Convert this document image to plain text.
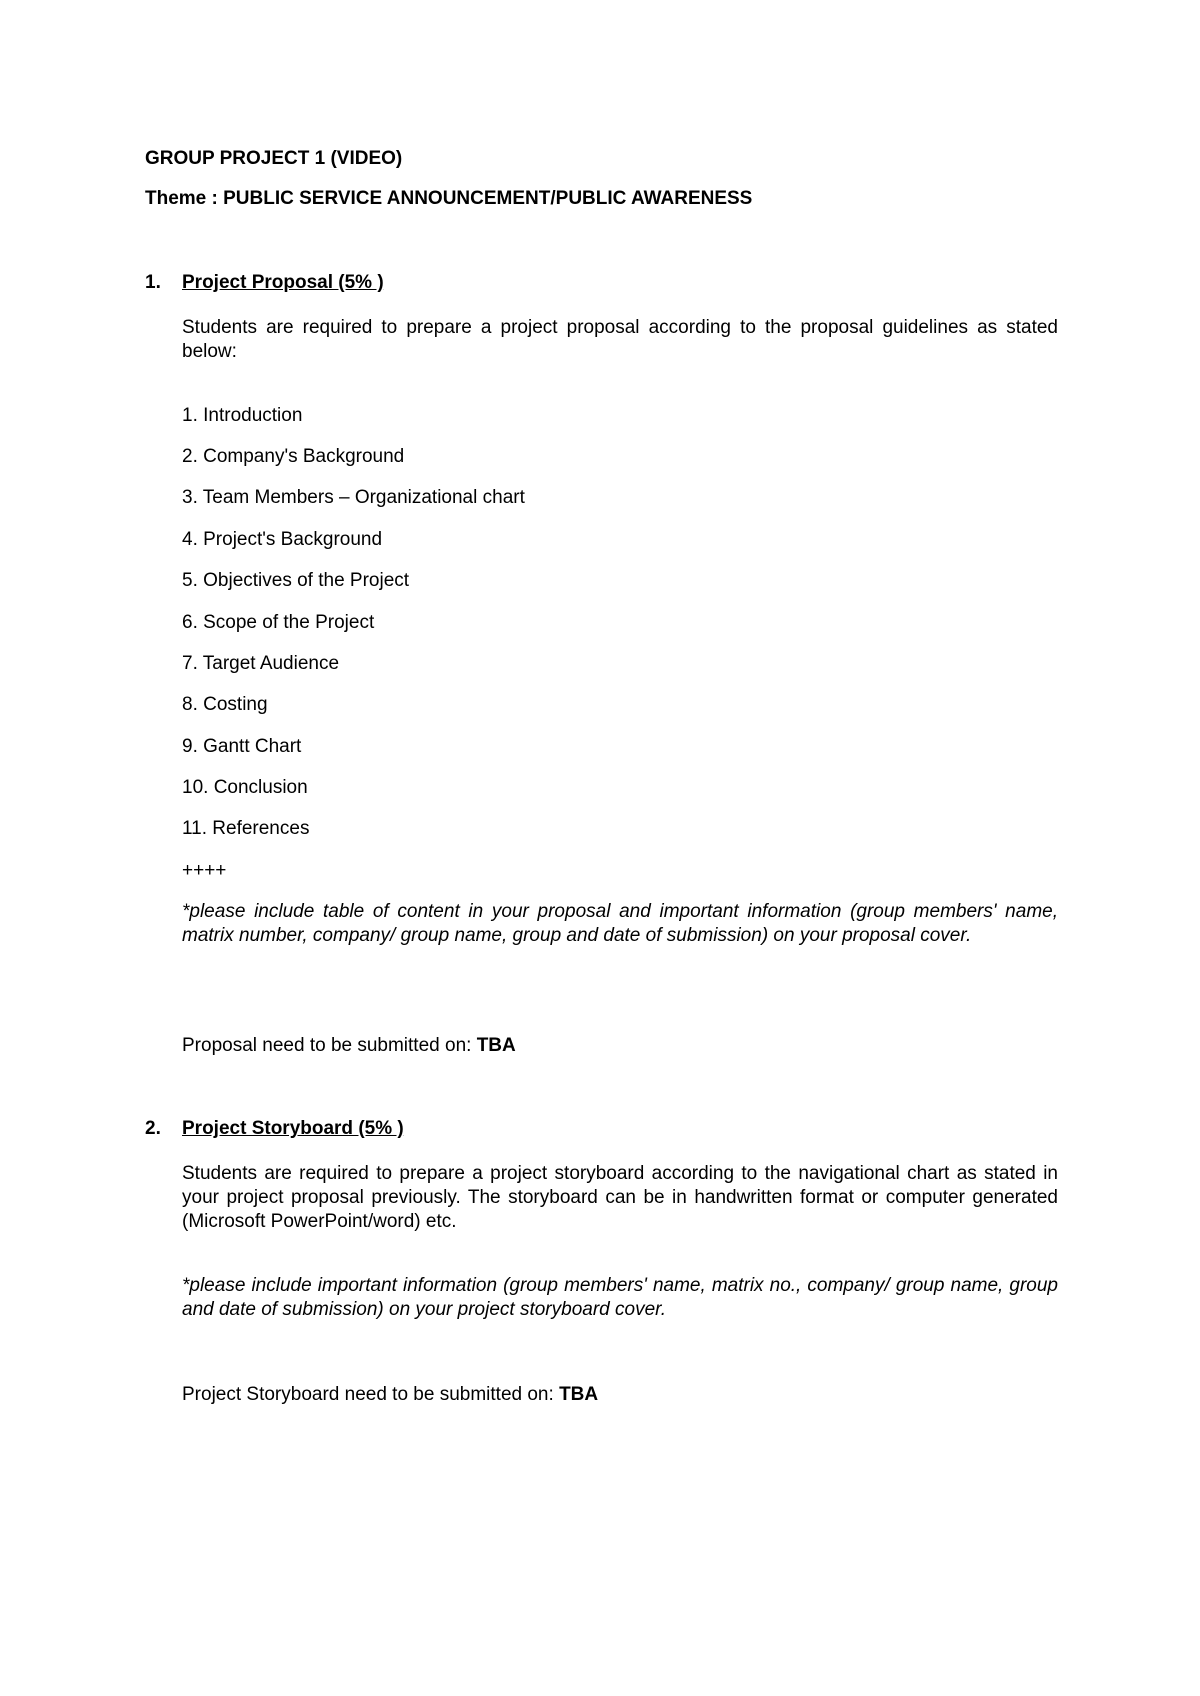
GROUP PROJECT 1 (VIDEO)

Theme : PUBLIC SERVICE ANNOUNCEMENT/PUBLIC AWARENESS

1. Project Proposal (5% )

Students are required to prepare a project proposal according to the proposal guidelines as stated below:

1. Introduction

2. Company's Background

3. Team Members – Organizational chart

4. Project's Background

5. Objectives of the Project

6. Scope of the Project

7. Target Audience

8. Costing

9. Gantt Chart

10. Conclusion

11. References

++++

*please include table of content in your proposal and important information (group members' name, matrix number, company/ group name, group and date of submission) on your proposal cover.

Proposal need to be submitted on: TBA

2. Project Storyboard (5% )

Students are required to prepare a project storyboard according to the navigational chart as stated in your project proposal previously. The storyboard can be in handwritten format or computer generated (Microsoft PowerPoint/word) etc.

*please include important information (group members' name, matrix no., company/ group name, group and date of submission) on your project storyboard cover.

Project Storyboard need to be submitted on: TBA
